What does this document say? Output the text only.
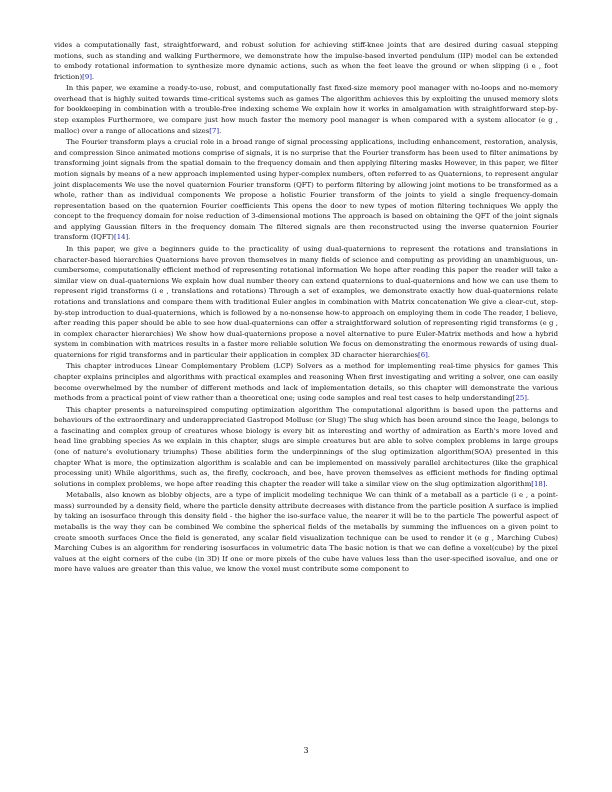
vides a computationally fast, straightforward, and robust solution for achieving stiff-knee joints that are desired during casual stepping motions, such as standing and walking Furthermore, we demonstrate how the impulse-based inverted pendulum (IIP) model can be extended to embody rotational information to synthesize more dynamic actions, such as when the feet leave the ground or when slipping (i e , foot friction)[9].

In this paper, we examine a ready-to-use, robust, and computationally fast fixed-size memory pool manager with no-loops and no-memory overhead that is highly suited towards time-critical systems such as games The algorithm achieves this by exploiting the unused memory slots for bookkeeping in combination with a trouble-free indexing scheme We explain how it works in amalgamation with straightforward step-by-step examples Furthermore, we compare just how much faster the memory pool manager is when compared with a system allocator (e g , malloc) over a range of allocations and sizes[7].

The Fourier transform plays a crucial role in a broad range of signal processing applications, including enhancement, restoration, analysis, and compression Since animated motions comprise of signals, it is no surprise that the Fourier transform has been used to filter animations by transforming joint signals from the spatial domain to the frequency domain and then applying filtering masks However, in this paper, we filter motion signals by means of a new approach implemented using hyper-complex numbers, often referred to as Quaternions, to represent angular joint displacements We use the novel quaternion Fourier transform (QFT) to perform filtering by allowing joint motions to be transformed as a whole, rather than as individual components We propose a holistic Fourier transform of the joints to yield a single frequency-domain representation based on the quaternion Fourier coefficients This opens the door to new types of motion filtering techniques We apply the concept to the frequency domain for noise reduction of 3-dimensional motions The approach is based on obtaining the QFT of the joint signals and applying Gaussian filters in the frequency domain The filtered signals are then reconstructed using the inverse quaternion Fourier transform (IQFT)[14].

In this paper, we give a beginners guide to the practicality of using dual-quaternions to represent the rotations and translations in character-based hierarchies Quaternions have proven themselves in many fields of science and computing as providing an unambiguous, un-cumbersome, computationally efficient method of representing rotational information We hope after reading this paper the reader will take a similar view on dual-quaternions We explain how dual number theory can extend quaternions to dual-quaternions and how we can use them to represent rigid transforms (i e , translations and rotations) Through a set of examples, we demonstrate exactly how dual-quaternions relate rotations and translations and compare them with traditional Euler angles in combination with Matrix concatenation We give a clear-cut, step-by-step introduction to dual-quaternions, which is followed by a no-nonsense how-to approach on employing them in code The reader, I believe, after reading this paper should be able to see how dual-quaternions can offer a straightforward solution of representing rigid transforms (e g , in complex character hierarchies) We show how dual-quaternions propose a novel alternative to pure Euler-Matrix methods and how a hybrid system in combination with matrices results in a faster more reliable solution We focus on demonstrating the enormous rewards of using dual-quaternions for rigid transforms and in particular their application in complex 3D character hierarchies[6].

This chapter introduces Linear Complementary Problem (LCP) Solvers as a method for implementing real-time physics for games This chapter explains principles and algorithms with practical examples and reasoning When first investigating and writing a solver, one can easily become overwhelmed by the number of different methods and lack of implementation details, so this chapter will demonstrate the various methods from a practical point of view rather than a theoretical one; using code samples and real test cases to help understanding[25].

This chapter presents a natureinspired computing optimization algorithm The computational algorithm is based upon the patterns and behaviours of the extraordinary and underappreciated Gastropod Mollusc (or Slug) The slug which has been around since the Ieage, belongs to a fascinating and complex group of creatures whose biology is every bit as interesting and worthy of admiration as Earth's more loved and head line grabbing species As we explain in this chapter, slugs are simple creatures but are able to solve complex problems in large groups (one of nature's evolutionary triumphs) These abilities form the underpinnings of the slug optimization algorithm(SOA) presented in this chapter What is more, the optimization algorithm is scalable and can be implemented on massively parallel architectures (like the graphical processing unit) While algorithms, such as, the firefly, cockroach, and bee, have proven themselves as efficient methods for finding optimal solutions in complex problems, we hope after reading this chapter the reader will take a similar view on the slug optimization algorithm[18].

Metaballs, also known as blobby objects, are a type of implicit modeling technique We can think of a metaball as a particle (i e , a point-mass) surrounded by a density field, where the particle density attribute decreases with distance from the particle position A surface is implied by taking an isosurface through this density field - the higher the iso-surface value, the nearer it will be to the particle The powerful aspect of metaballs is the way they can be combined We combine the spherical fields of the metaballs by summing the influences on a given point to create smooth surfaces Once the field is generated, any scalar field visualization technique can be used to render it (e g , Marching Cubes) Marching Cubes is an algorithm for rendering isosurfaces in volumetric data The basic notion is that we can define a voxel(cube) by the pixel values at the eight corners of the cube (in 3D) If one or more pixels of the cube have values less than the user-specified isovalue, and one or more have values are greater than this value, we know the voxel must contribute some component to

3
